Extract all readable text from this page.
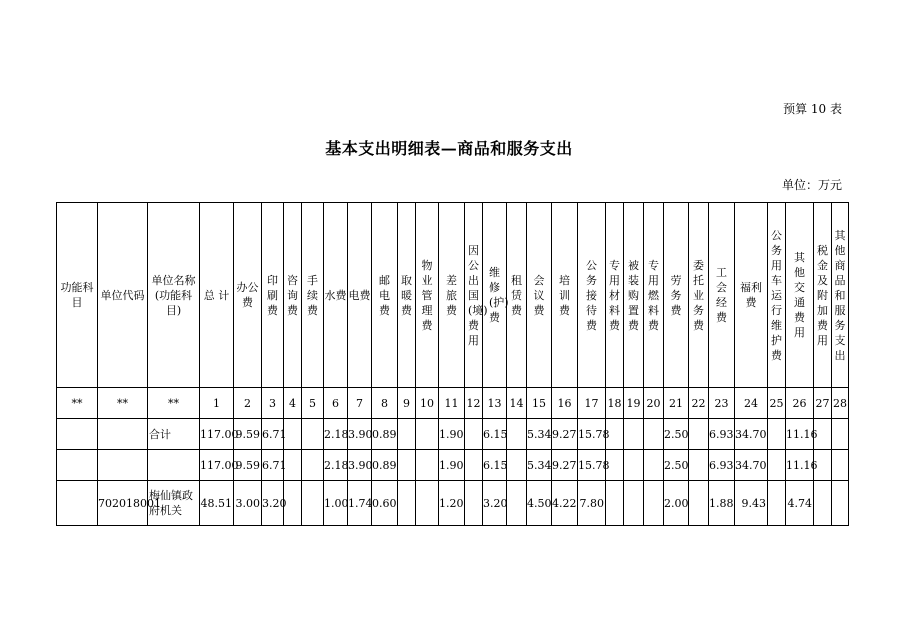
预算 10 表
基本支出明细表—商品和服务支出
单位：万元
功能科目	单位代码	单位名称(功能科目)	总 计	办公费	印刷费	咨询费	手续费	水费	电费	邮电费	取暖费	物业管理费	差旅费	因公出国(境)费用	维修(护)费	租赁费	会议费	培训费	公务接待费	专用材料费	被装购置费	专用燃料费	劳务费	委托业务费	工会经费	福利费	公务用车运行维护费	其他交通费用	税金及附加费用	其他商品和服务支出
**	**	**	1	2	3	4	5	6	7	8	9	10	11	12	13	14	15	16	17	18	19	20	21	22	23	24	25	26	27	28
		合计	117.00	9.59	6.71			2.18	3.90	0.89			1.90		6.15		5.34	9.27	15.78				2.50		6.93	34.70		11.16		
			117.00	9.59	6.71			2.18	3.90	0.89			1.90		6.15		5.34	9.27	15.78				2.50		6.93	34.70		11.16		
	702018001	梅仙镇政府机关	48.51	3.00	3.20			1.00	1.74	0.60			1.20		3.20		4.50	4.22	7.80				2.00		1.88	9.43		4.74		
